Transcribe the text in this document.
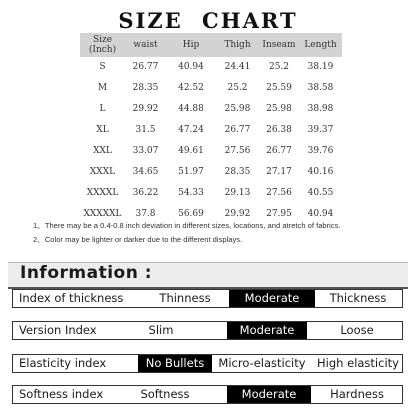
SIZE CHART
Size
(Inch)	waist	Hip	Thigh	Inseam	Length
S	26.77	40.94	24.41	25.2	38.19
M	28.35	42.52	25.2	25.59	38.58
L	29.92	44.88	25.98	25.98	38.98
XL	31.5	47.24	26.77	26.38	39.37
XXL	33.07	49.61	27.56	26.77	39.76
XXXL	34.65	51.97	28.35	27.17	40.16
XXXXL	36.22	54.33	29.13	27.56	40.55
XXXXXL	37.8	56.69	29.92	27.95	40.94
1、There may be a 0.4-0.8 inch deviation in different sizes, locations, and atretch of fabrics.
2、Color may be lighter or darker due to the different displays.
Information :
Index of thickness	Thinness	Moderate	Thickness
Version Index	Slim	Moderate	Loose
Elasticity index	No Bullets	Micro-elasticity High elasticity
Softness index	Softness	Moderate	Hardness
